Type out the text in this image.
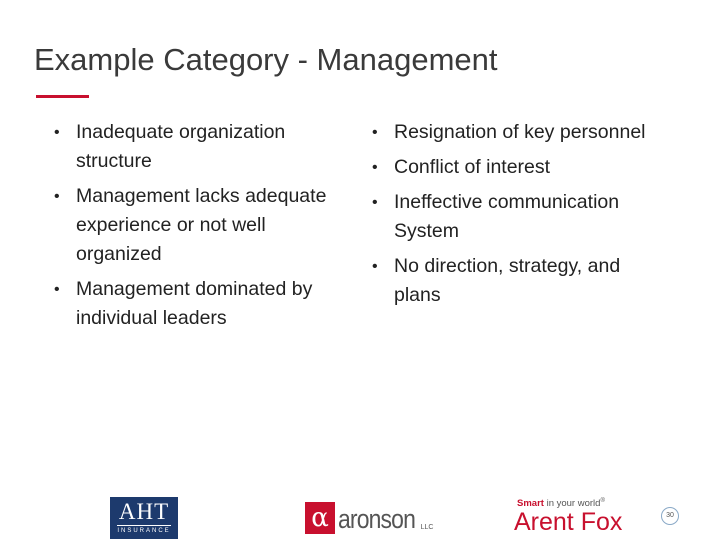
Example Category - Management
• Inadequate organization structure
• Management lacks adequate experience or not well organized
• Management dominated by individual leaders
• Resignation of key personnel
• Conflict of interest
• Ineffective communication System
• No direction, strategy, and plans
AHT
INSURANCE	α aronson LLC
Smart in your world®
Arent Fox	30
